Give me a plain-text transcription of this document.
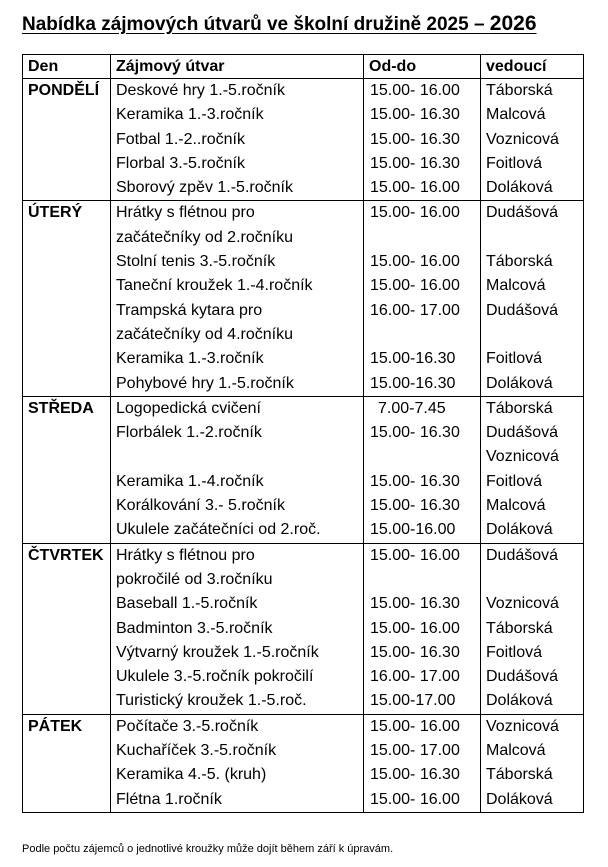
Nabídka zájmových útvarů ve školní družině 2025 – 2026
Den	Zájmový útvar	Od-do	vedoucí
PONDĚLÍ	Deskové hry 1.-5.ročník	15.00- 16.00	Táborská
	Keramika 1.-3.ročník	15.00- 16.30	Malcová
	Fotbal 1.-2..ročník	15.00- 16.30	Voznicová
	Florbal 3.-5.ročník	15.00- 16.30	Foitlová
	Sborový zpěv 1.-5.ročník	15.00- 16.00	Doláková
ÚTERÝ	Hrátky s flétnou pro	15.00- 16.00	Dudášová
	začátečníky od 2.ročníku		
	Stolní tenis 3.-5.ročník	15.00- 16.00	Táborská
	Taneční kroužek 1.-4.ročník	15.00- 16.00	Malcová
	Trampská kytara pro	16.00- 17.00	Dudášová
	začátečníky od 4.ročníku		
	Keramika 1.-3.ročník	15.00-16.30	Foitlová
	Pohybové hry 1.-5.ročník	15.00-16.30	Doláková
STŘEDA	Logopedická cvičení	7.00-7.45	Táborská
	Florbálek 1.-2.ročník	15.00- 16.30	Dudášová
			Voznicová
	Keramika 1.-4.ročník	15.00- 16.30	Foitlová
	Korálkování 3.- 5.ročník	15.00- 16.30	Malcová
	Ukulele začátečníci od 2.roč.	15.00-16.00	Doláková
ČTVRTEK	Hrátky s flétnou pro	15.00- 16.00	Dudášová
	pokročilé od 3.ročníku		
	Baseball 1.-5.ročník	15.00- 16.30	Voznicová
	Badminton 3.-5.ročník	15.00- 16.00	Táborská
	Výtvarný kroužek 1.-5.ročník	15.00- 16.30	Foitlová
	Ukulele 3.-5.ročník pokročilí	16.00- 17.00	Dudášová
	Turistický kroužek 1.-5.roč.	15.00-17.00	Doláková
PÁTEK	Počítače 3.-5.ročník	15.00- 16.00	Voznicová
	Kuchaříček 3.-5.ročník	15.00- 17.00	Malcová
	Keramika 4.-5. (kruh)	15.00- 16.30	Táborská
	Flétna 1.ročník	15.00- 16.00	Doláková
Podle počtu zájemců o jednotlivé kroužky může dojít během září k úpravám.
